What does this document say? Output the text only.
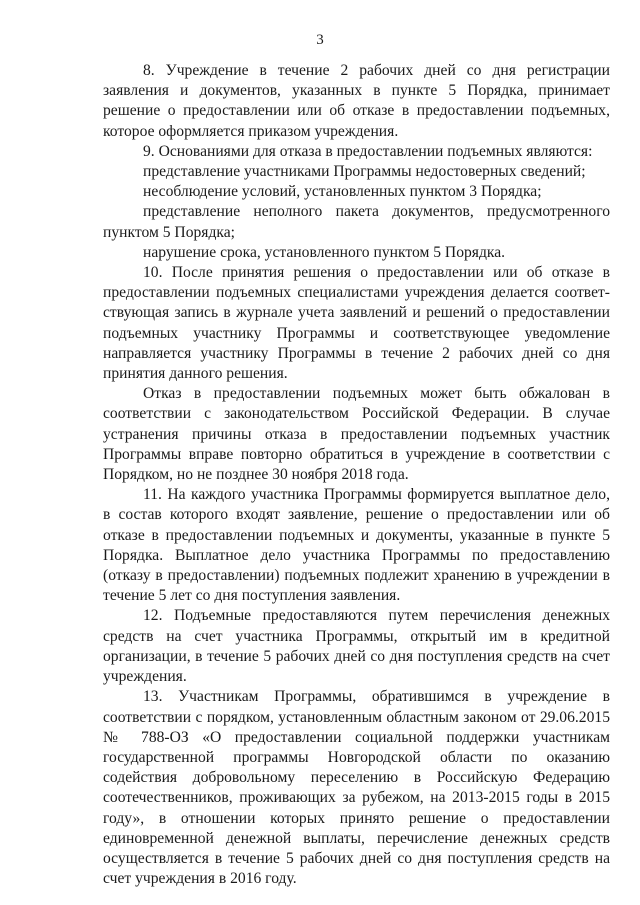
3

8. Учреждение в течение 2 рабочих дней со дня регистрации заявления и документов, указанных в пункте 5 Порядка, принимает решение о предоставлении или об отказе в предоставлении подъемных, которое оформляется приказом учреждения.

9. Основаниями для отказа в предоставлении подъемных являются:

представление участниками Программы недостоверных сведений;

несоблюдение условий, установленных пунктом 3 Порядка;

представление неполного пакета документов, предусмотренного пунктом 5 Порядка;

нарушение срока, установленного пунктом 5 Порядка.

10. После принятия решения о предоставлении или об отказе в предоставлении подъемных специалистами учреждения делается соответ-ствующая запись в журнале учета заявлений и решений о предоставлении подъемных участнику Программы и соответствующее уведомление направляется участнику Программы в течение 2 рабочих дней со дня принятия данного решения.

Отказ в предоставлении подъемных может быть обжалован в соответствии с законодательством Российской Федерации. В случае устранения причины отказа в предоставлении подъемных участник Программы вправе повторно обратиться в учреждение в соответствии с Порядком, но не позднее 30 ноября 2018 года.

11. На каждого участника Программы формируется выплатное дело, в состав которого входят заявление, решение о предоставлении или об отказе в предоставлении подъемных и документы, указанные в пункте 5 Порядка. Выплатное дело участника Программы по предоставлению (отказу в предоставлении) подъемных подлежит хранению в учреждении в течение 5 лет со дня поступления заявления.

12. Подъемные предоставляются путем перечисления денежных средств на счет участника Программы, открытый им в кредитной организации, в течение 5 рабочих дней со дня поступления средств на счет учреждения.

13. Участникам Программы, обратившимся в учреждение в соответствии с порядком, установленным областным законом от 29.06.2015 № 788-ОЗ «О предоставлении социальной поддержки участникам государственной программы Новгородской области по оказанию содействия добровольному переселению в Российскую Федерацию соотечественников, проживающих за рубежом, на 2013-2015 годы в 2015 году», в отношении которых принято решение о предоставлении единовременной денежной выплаты, перечисление денежных средств осуществляется в течение 5 рабочих дней со дня поступления средств на счет учреждения в 2016 году.
